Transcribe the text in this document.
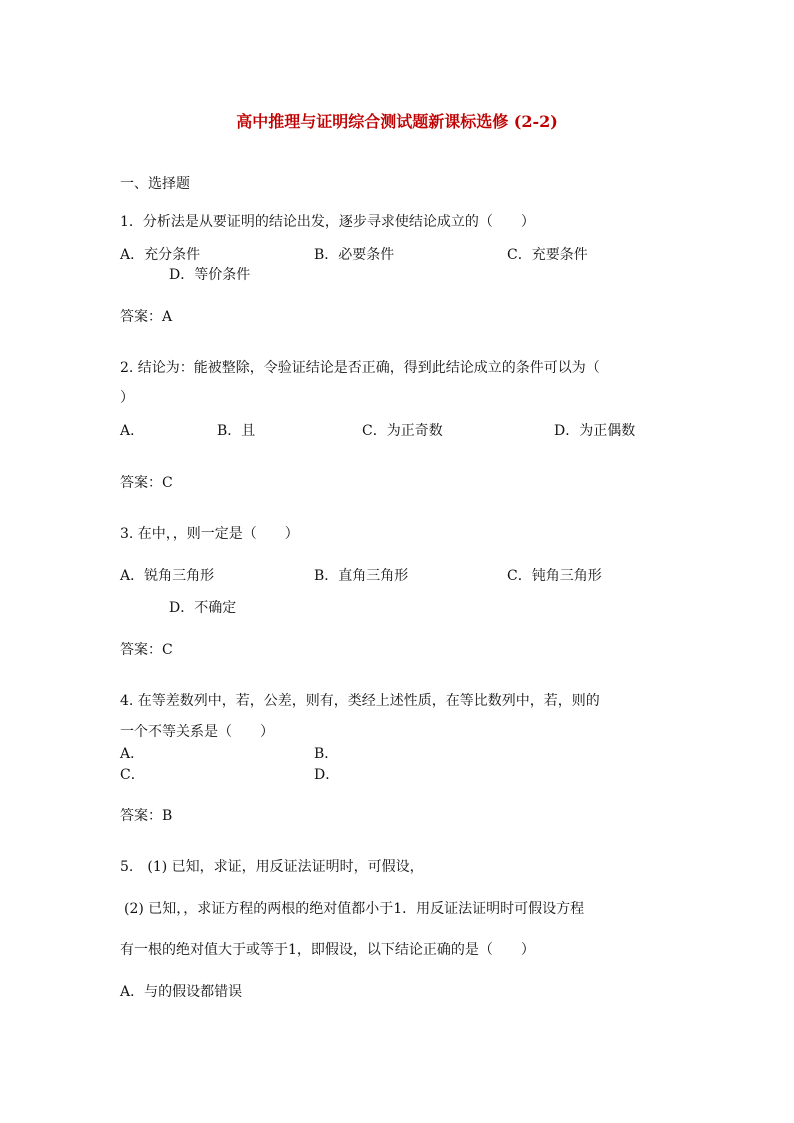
高中推理与证明综合测试题新课标选修 (2-2)
一、选择题
1．分析法是从要证明的结论出发，逐步寻求使结论成立的（　　）
A．充分条件	B．必要条件	C．充要条件
D．等价条件
答案：A
2. 结论为：能被整除，令验证结论是否正确，得到此结论成立的条件可以为（
）
A．	B．且	C．为正奇数	D．为正偶数
答案：C
3. 在中，，则一定是（　　）
A．锐角三角形	B．直角三角形	C．钝角三角形
D．不确定
答案：C
4. 在等差数列中，若，公差，则有，类经上述性质，在等比数列中，若，则的
一个不等关系是（　　）
A．	B．
C．	D．
答案：B
5.　(1) 已知，求证，用反证法证明时，可假设，
(2) 已知，，求证方程的两根的绝对值都小于1．用反证法证明时可假设方程
有一根的绝对值大于或等于1，即假设，以下结论正确的是（　　）
A．与的假设都错误
